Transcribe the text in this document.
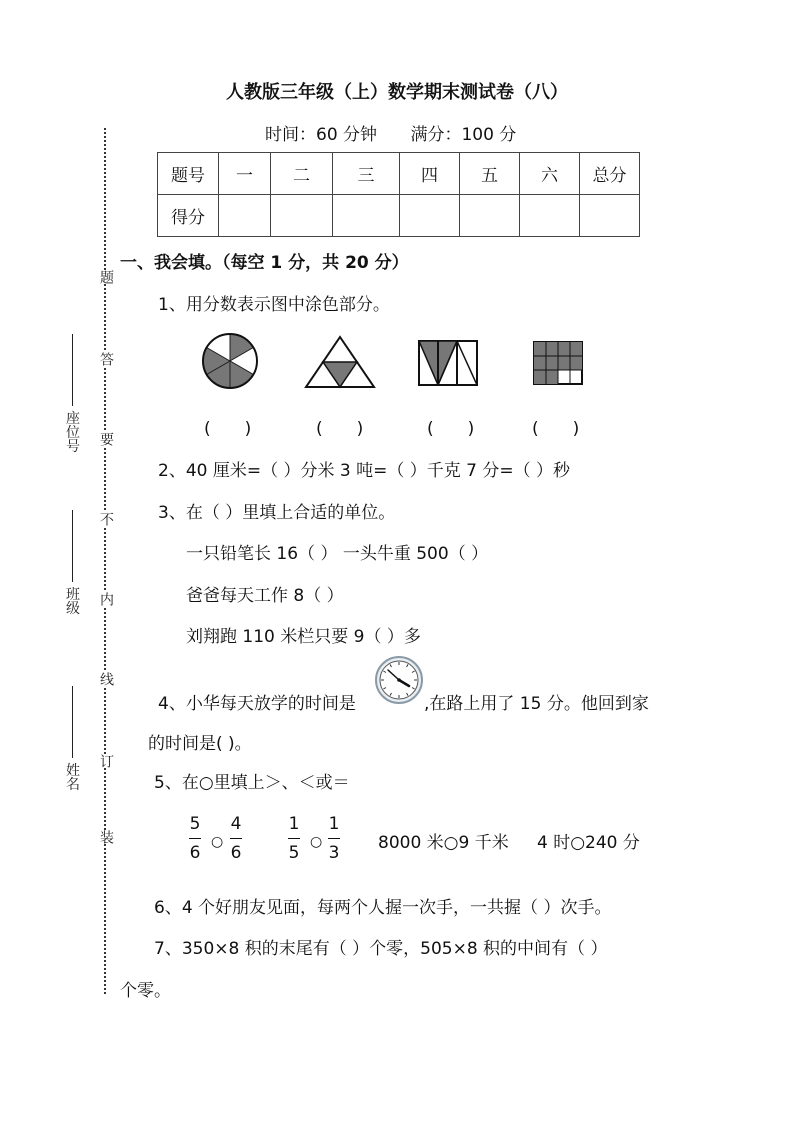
人教版三年级（上）数学期末测试卷（八）
时间：60 分钟 满分：100 分
题号	一	二	三	四	五	六	总分
得分							
题
答
要
不
内
线
订
装
座位号
班级
姓名
一、我会填。（每空 1 分，共 20 分）
1、用分数表示图中涂色部分。
(　　)	(　　)	(　　)	(　　)
2、40 厘米=（ ）分米 3 吨=（ ）千克 7 分=（ ）秒
3、在（ ）里填上合适的单位。
一只铅笔长 16（ ） 一头牛重 500（ ）
爸爸每天工作 8（ ）
刘翔跑 110 米栏只要 9（ ）多
4、小华每天放学的时间是	,在路上用了 15 分。他回到家
的时间是( )。
5、在○里填上＞、＜或＝
5
6
○
4
6
1
5
○
1
3 8000 米○9 千米 4 时○240 分
6、4 个好朋友见面，每两个人握一次手，一共握（ ）次手。
7、350×8 积的末尾有（ ）个零，505×8 积的中间有（ ）
个零。
